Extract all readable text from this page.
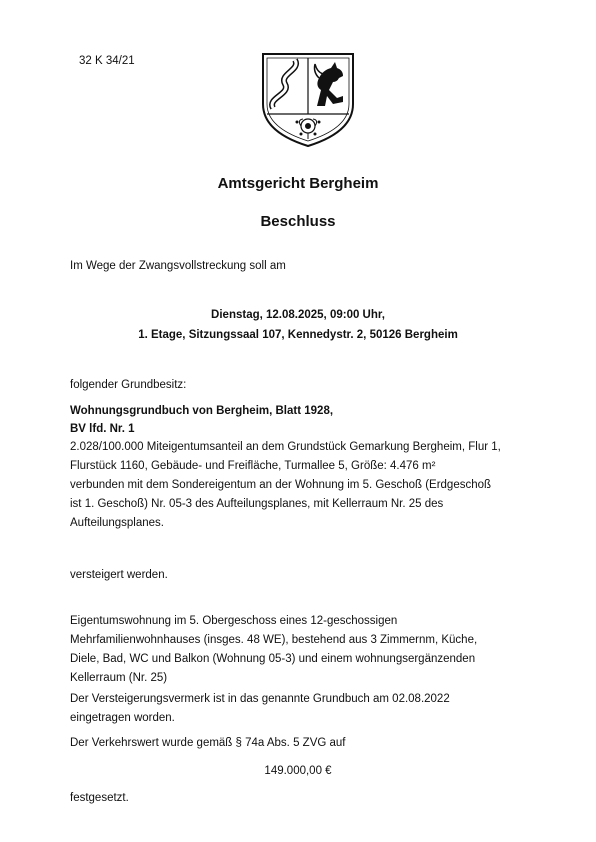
32 K 34/21
Amtsgericht Bergheim
Beschluss
Im Wege der Zwangsvollstreckung soll am
Dienstag, 12.08.2025, 09:00 Uhr,
1. Etage, Sitzungssaal 107, Kennedystr. 2, 50126 Bergheim
folgender Grundbesitz:
Wohnungsgrundbuch von Bergheim, Blatt 1928,
BV lfd. Nr. 1
2.028/100.000 Miteigentumsanteil an dem Grundstück Gemarkung Bergheim, Flur 1,
Flurstück 1160, Gebäude- und Freifläche, Turmallee 5, Größe: 4.476 m²
verbunden mit dem Sondereigentum an der Wohnung im 5. Geschoß (Erdgeschoß
ist 1. Geschoß) Nr. 05-3 des Aufteilungsplanes, mit Kellerraum Nr. 25 des
Aufteilungsplanes.
versteigert werden.
Eigentumswohnung im 5. Obergeschoss eines 12-geschossigen
Mehrfamilienwohnhauses (insges. 48 WE), bestehend aus 3 Zimmernm, Küche,
Diele, Bad, WC und Balkon (Wohnung 05-3) und einem wohnungsergänzenden
Kellerraum (Nr. 25)
Der Versteigerungsvermerk ist in das genannte Grundbuch am 02.08.2022
eingetragen worden.
Der Verkehrswert wurde gemäß § 74a Abs. 5 ZVG auf
149.000,00 €
festgesetzt.
